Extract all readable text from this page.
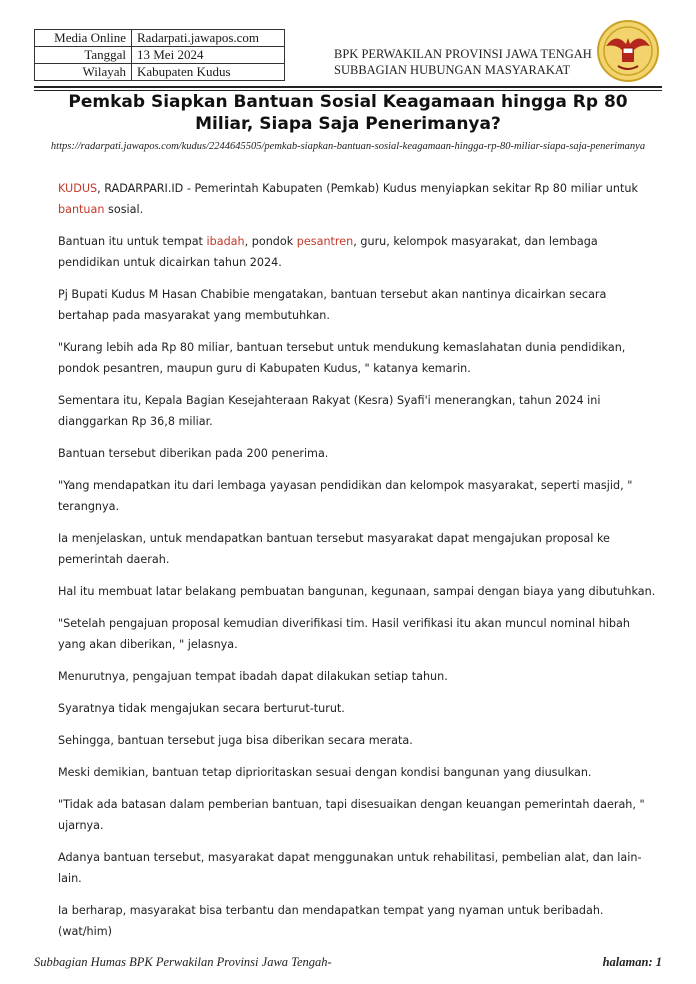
Media Online	Radarpati.jawapos.com
Tanggal	13 Mei 2024
Wilayah	Kabupaten Kudus
BPK PERWAKILAN PROVINSI JAWA TENGAH
SUBBAGIAN HUBUNGAN MASYARAKAT
Pemkab Siapkan Bantuan Sosial Keagamaan hingga Rp 80 Miliar, Siapa Saja Penerimanya?
https://radarpati.jawapos.com/kudus/2244645505/pemkab-siapkan-bantuan-sosial-keagamaan-hingga-rp-80-miliar-siapa-saja-penerimanya

KUDUS, RADARPARI.ID - Pemerintah Kabupaten (Pemkab) Kudus menyiapkan sekitar Rp 80 miliar untuk bantuan sosial.

Bantuan itu untuk tempat ibadah, pondok pesantren, guru, kelompok masyarakat, dan lembaga pendidikan untuk dicairkan tahun 2024.

Pj Bupati Kudus M Hasan Chabibie mengatakan, bantuan tersebut akan nantinya dicairkan secara bertahap pada masyarakat yang membutuhkan.

"Kurang lebih ada Rp 80 miliar, bantuan tersebut untuk mendukung kemaslahatan dunia pendidikan, pondok pesantren, maupun guru di Kabupaten Kudus, " katanya kemarin.

Sementara itu, Kepala Bagian Kesejahteraan Rakyat (Kesra) Syafi'i menerangkan, tahun 2024 ini dianggarkan Rp 36,8 miliar.

Bantuan tersebut diberikan pada 200 penerima.

"Yang mendapatkan itu dari lembaga yayasan pendidikan dan kelompok masyarakat, seperti masjid, " terangnya.

Ia menjelaskan, untuk mendapatkan bantuan tersebut masyarakat dapat mengajukan proposal ke pemerintah daerah.

Hal itu membuat latar belakang pembuatan bangunan, kegunaan, sampai dengan biaya yang dibutuhkan.

"Setelah pengajuan proposal kemudian diverifikasi tim. Hasil verifikasi itu akan muncul nominal hibah yang akan diberikan, " jelasnya.

Menurutnya, pengajuan tempat ibadah dapat dilakukan setiap tahun.

Syaratnya tidak mengajukan secara berturut-turut.

Sehingga, bantuan tersebut juga bisa diberikan secara merata.

Meski demikian, bantuan tetap diprioritaskan sesuai dengan kondisi bangunan yang diusulkan.

"Tidak ada batasan dalam pemberian bantuan, tapi disesuaikan dengan keuangan pemerintah daerah, " ujarnya.

Adanya bantuan tersebut, masyarakat dapat menggunakan untuk rehabilitasi, pembelian alat, dan lain-lain.

Ia berharap, masyarakat bisa terbantu dan mendapatkan tempat yang nyaman untuk beribadah. (wat/him)

Subbagian Humas BPK Perwakilan Provinsi Jawa Tengah-	halaman: 1
